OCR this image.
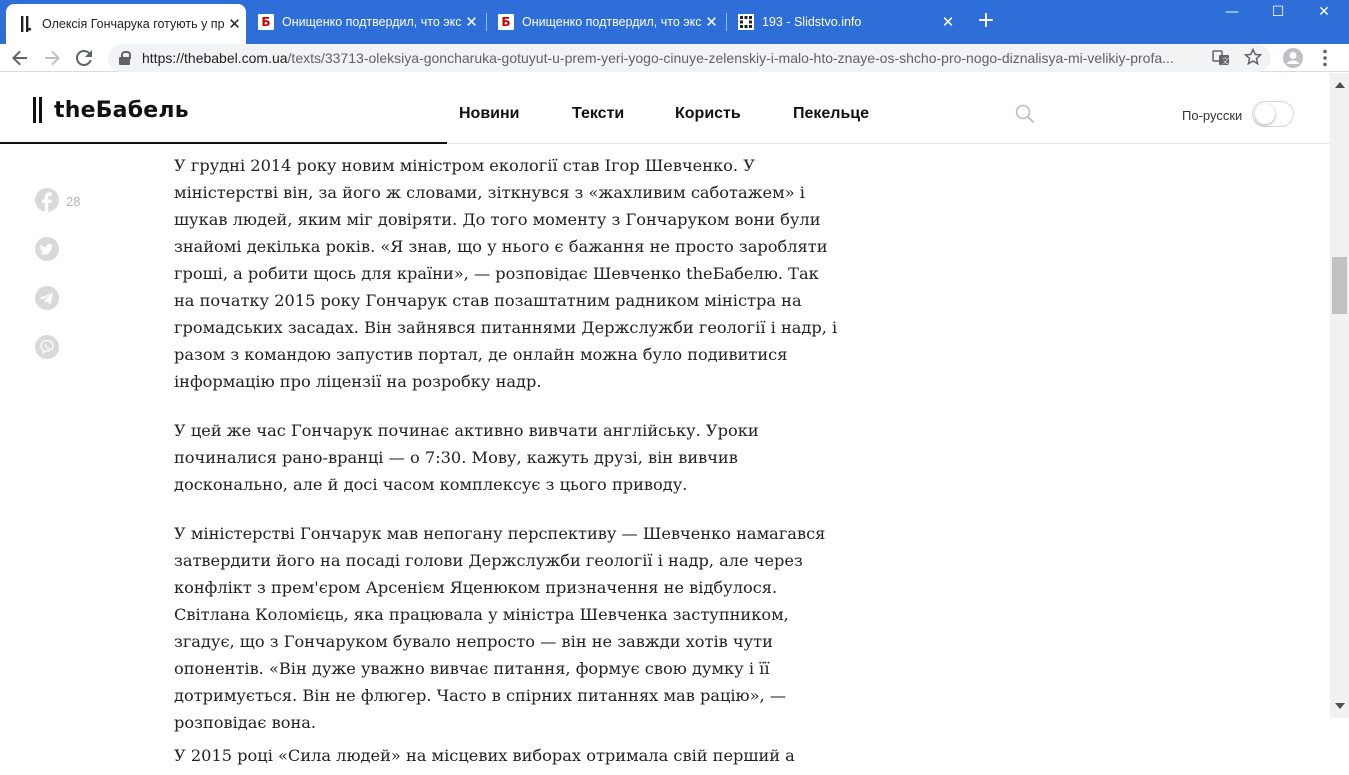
Олексія Гончарука готують у пр ✕	Б Онищенко подтвердил, что экс ✕	Б Онищенко подтвердил, что экс ✕	193 - Slidstvo.info	✕ +	—	☐	✕
https://thebabel.com.ua/texts/33713-oleksiya-goncharuka-gotuyut-u-prem-yeri-yogo-cinuye-zelenskiy-i-malo-hto-znaye-os-shcho-pro-nogo-diznalisya-mi-velikiy-profa...	文
theБабель	Новини	Тексти	Користь	Пекельце	По-русски
28

У грудні 2014 року новим міністром екології став Ігор Шевченко. У міністерстві він, за його ж словами, зіткнувся з «жахливим саботажем» і шукав людей, яким міг довіряти. До того моменту з Гончаруком вони були знайомі декілька років. «Я знав, що у нього є бажання не просто заробляти гроші, а робити щось для країни», — розповідає Шевченко theБабелю. Так на початку 2015 року Гончарук став позаштатним радником міністра на громадських засадах. Він зайнявся питаннями Держслужби геології і надр, і разом з командою запустив портал, де онлайн можна було подивитися інформацію про ліцензії на розробку надр.

У цей же час Гончарук починає активно вивчати англійську. Уроки починалися рано-вранці — о 7:30. Мову, кажуть друзі, він вивчив досконально, але й досі часом комплексує з цього приводу.

У міністерстві Гончарук мав непогану перспективу — Шевченко намагався затвердити його на посаді голови Держслужби геології і надр, але через конфлікт з прем'єром Арсенієм Яценюком призначення не відбулося. Світлана Коломієць, яка працювала у міністра Шевченка заступником, згадує, що з Гончаруком бувало непросто — він не завжди хотів чути опонентів. «Він дуже уважно вивчає питання, формує свою думку і її дотримується. Він не флюгер. Часто в спірних питаннях мав рацію», — розповідає вона.

У 2015 році «Сила людей» на місцевих виборах отримала свій перший а
